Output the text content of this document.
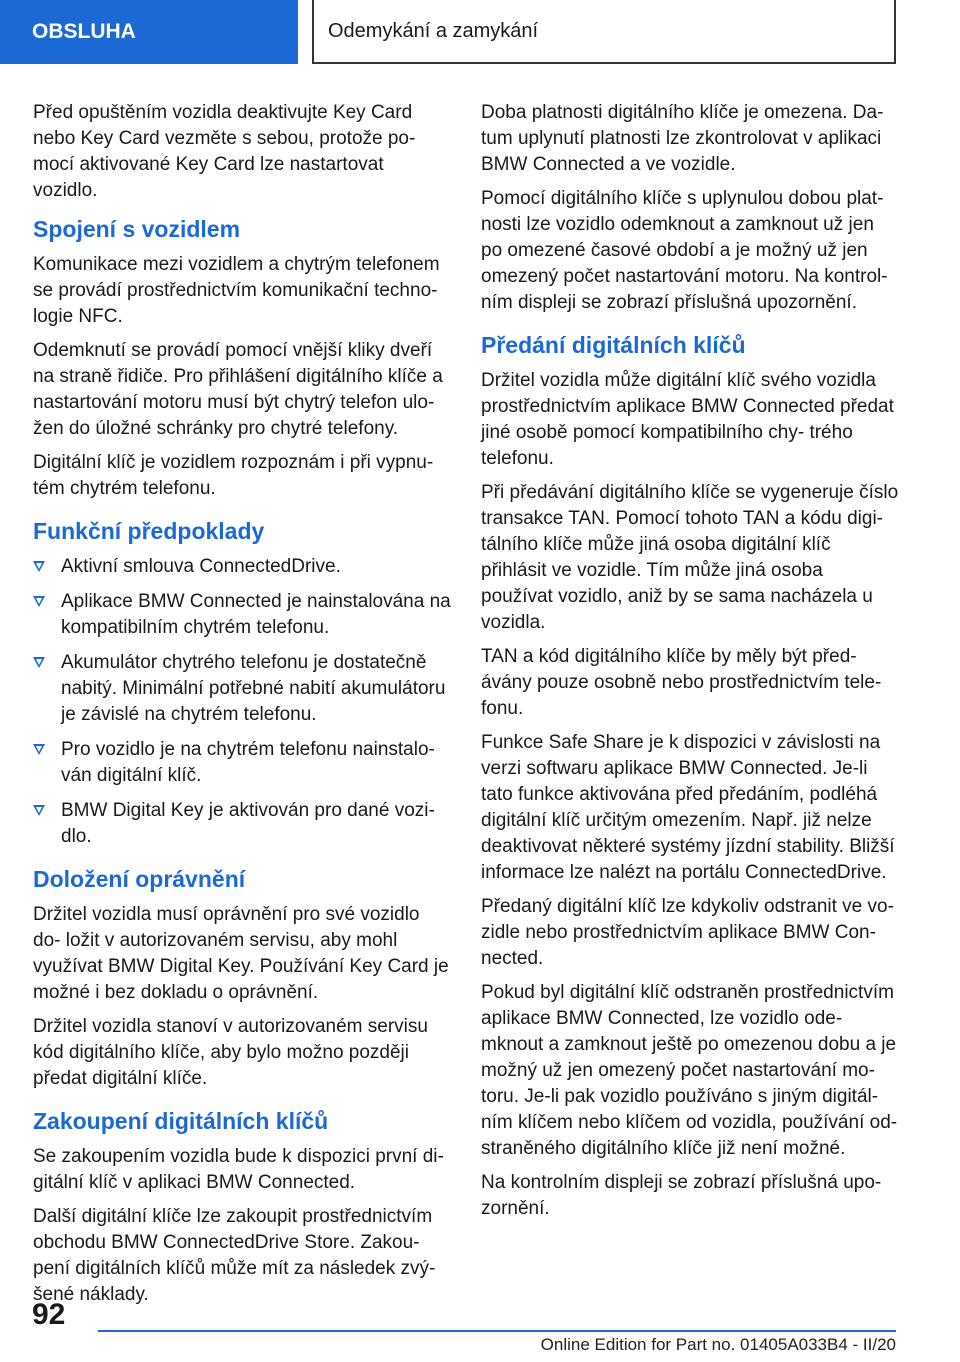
OBSLUHA	Odemykání a zamykání

Před opuštěním vozidla deaktivujte Key Card nebo Key Card vezměte s sebou, protože po‐ mocí aktivované Key Card lze nastartovat vozidlo.

Spojení s vozidlem

Komunikace mezi vozidlem a chytrým telefonem se provádí prostřednictvím komunikační techno‐ logie NFC.

Odemknutí se provádí pomocí vnější kliky dveří na straně řidiče. Pro přihlášení digitálního klíče a nastartování motoru musí být chytrý telefon ulo‐ žen do úložné schránky pro chytré telefony.

Digitální klíč je vozidlem rozpoznám i při vypnu‐ tém chytrém telefonu.

Funkční předpoklady
Aktivní smlouva ConnectedDrive.
Aplikace BMW Connected je nainstalována na kompatibilním chytrém telefonu.
Akumulátor chytrého telefonu je dostatečně nabitý. Minimální potřebné nabití akumulátoru je závislé na chytrém telefonu.
Pro vozidlo je na chytrém telefonu nainstalo‐ ván digitální klíč.
BMW Digital Key je aktivován pro dané vozi‐ dlo.
Doložení oprávnění

Držitel vozidla musí oprávnění pro své vozidlo do‐ ložit v autorizovaném servisu, aby mohl využívat BMW Digital Key. Používání Key Card je možné i bez dokladu o oprávnění.

Držitel vozidla stanoví v autorizovaném servisu kód digitálního klíče, aby bylo možno později předat digitální klíče.

Zakoupení digitálních klíčů

Se zakoupením vozidla bude k dispozici první di‐ gitální klíč v aplikaci BMW Connected.

Další digitální klíče lze zakoupit prostřednictvím obchodu BMW ConnectedDrive Store. Zakou‐ pení digitálních klíčů může mít za následek zvý‐ šené náklady.

Doba platnosti digitálního klíče je omezena. Da‐ tum uplynutí platnosti lze zkontrolovat v aplikaci BMW Connected a ve vozidle.

Pomocí digitálního klíče s uplynulou dobou plat‐ nosti lze vozidlo odemknout a zamknout už jen po omezené časové období a je možný už jen omezený počet nastartování motoru. Na kontrol‐ ním displeji se zobrazí příslušná upozornění.

Předání digitálních klíčů

Držitel vozidla může digitální klíč svého vozidla prostřednictvím aplikace BMW Connected předat jiné osobě pomocí kompatibilního chy‐ trého telefonu.

Při předávání digitálního klíče se vygeneruje číslo transakce TAN. Pomocí tohoto TAN a kódu digi‐ tálního klíče může jiná osoba digitální klíč přihlásit ve vozidle. Tím může jiná osoba používat vozidlo, aniž by se sama nacházela u vozidla.

TAN a kód digitálního klíče by měly být před‐ ávány pouze osobně nebo prostřednictvím tele‐ fonu.

Funkce Safe Share je k dispozici v závislosti na verzi softwaru aplikace BMW Connected. Je-li tato funkce aktivována před předáním, podléhá digitální klíč určitým omezením. Např. již nelze deaktivovat některé systémy jízdní stability. Bližší informace lze nalézt na portálu ConnectedDrive.

Předaný digitální klíč lze kdykoliv odstranit ve vo‐ zidle nebo prostřednictvím aplikace BMW Con‐ nected.

Pokud byl digitální klíč odstraněn prostřednictvím aplikace BMW Connected, lze vozidlo ode‐ mknout a zamknout ještě po omezenou dobu a je možný už jen omezený počet nastartování mo‐ toru. Je-li pak vozidlo používáno s jiným digitál‐ ním klíčem nebo klíčem od vozidla, používání od‐ straněného digitálního klíče již není možné.

Na kontrolním displeji se zobrazí příslušná upo‐ zornění.

92
Online Edition for Part no. 01405A033B4 - II/20
